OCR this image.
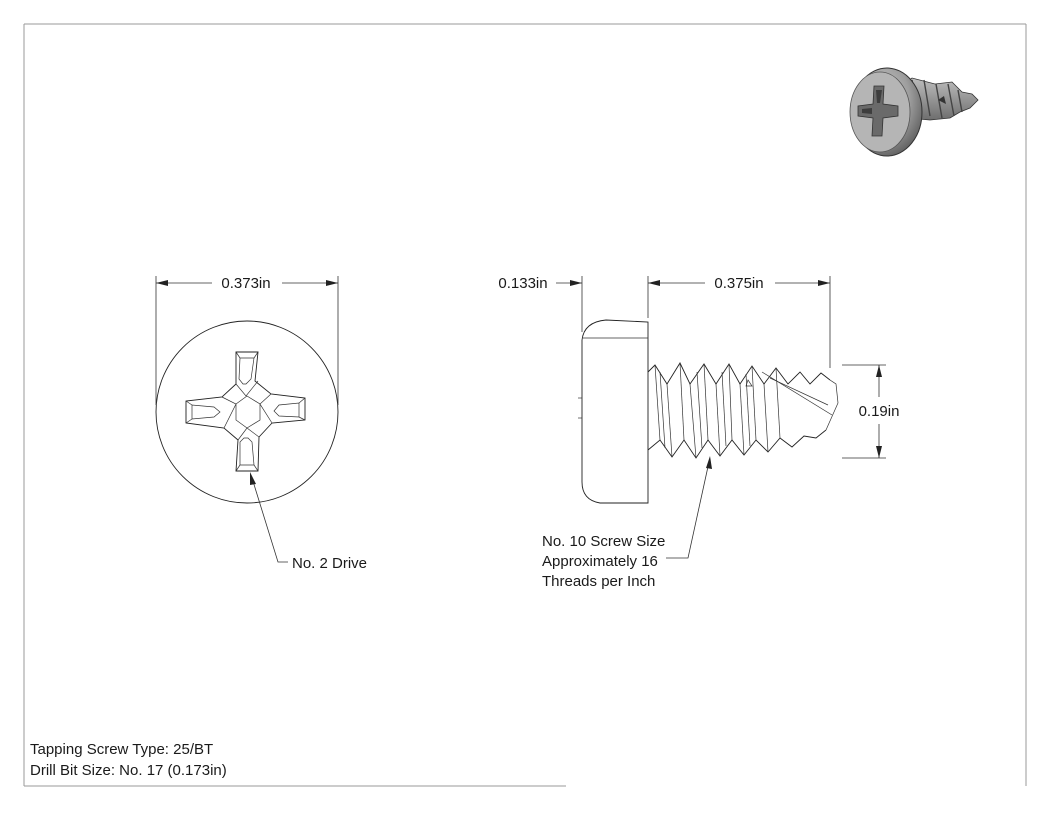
0.373in
No. 2 Drive
0.133in	0.375in
0.19in
No. 10 Screw Size
Approximately 16
Threads per Inch
Tapping Screw Type: 25/BT
Drill Bit Size: No. 17 (0.173in)
